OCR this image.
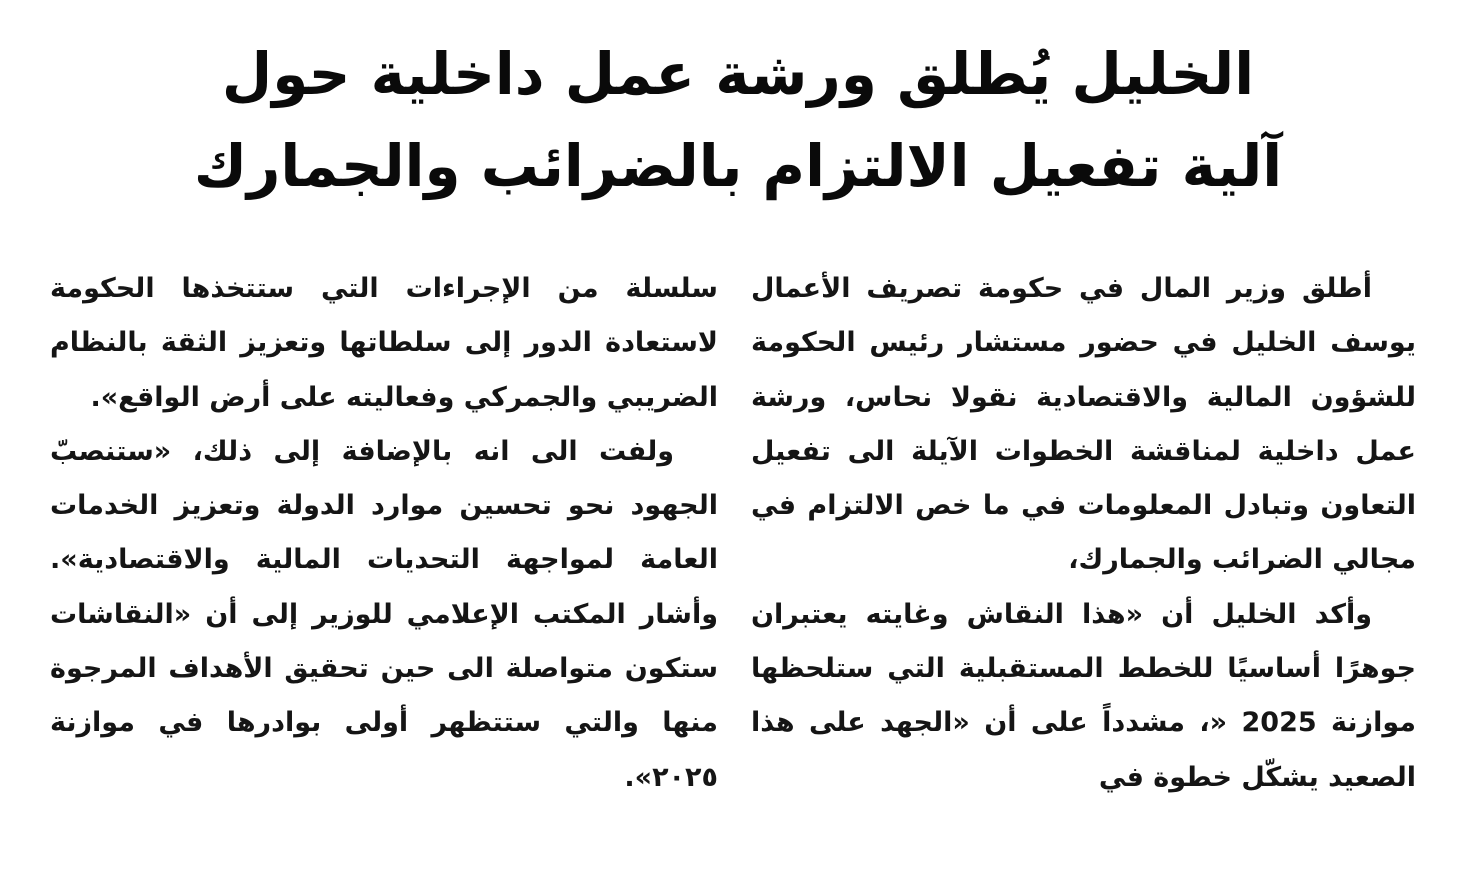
الخليل يُطلق ورشة عمل داخلية حول
آلية تفعيل الالتزام بالضرائب والجمارك

أطلق وزير المال في حكومة تصريف الأعمال يوسف الخليل في حضور مستشار رئيس الحكومة للشؤون المالية والاقتصادية نقولا نحاس، ورشة عمل داخلية لمناقشة الخطوات الآيلة الى تفعيل التعاون وتبادل المعلومات في ما خص الالتزام في مجالي الضرائب والجمارك،

وأكد الخليل أن «هذا النقاش وغايته يعتبران جوهرًا أساسيًا للخطط المستقبلية التي ستلحظها موازنة 2025 «، مشدداً على أن «الجهد على هذا الصعيد يشكّل خطوة في

سلسلة من الإجراءات التي ستتخذها الحكومة لاستعادة الدور إلى سلطاتها وتعزيز الثقة بالنظام الضريبي والجمركي وفعاليته على أرض الواقع».

ولفت الى انه بالإضافة إلى ذلك، «ستنصبّ الجهود نحو تحسين موارد الدولة وتعزيز الخدمات العامة لمواجهة التحديات المالية والاقتصادية». وأشار المكتب الإعلامي للوزير إلى أن «النقاشات ستكون متواصلة الى حين تحقيق الأهداف المرجوة منها والتي ستتظهر أولى بوادرها في موازنة ٢٠٢٥».
